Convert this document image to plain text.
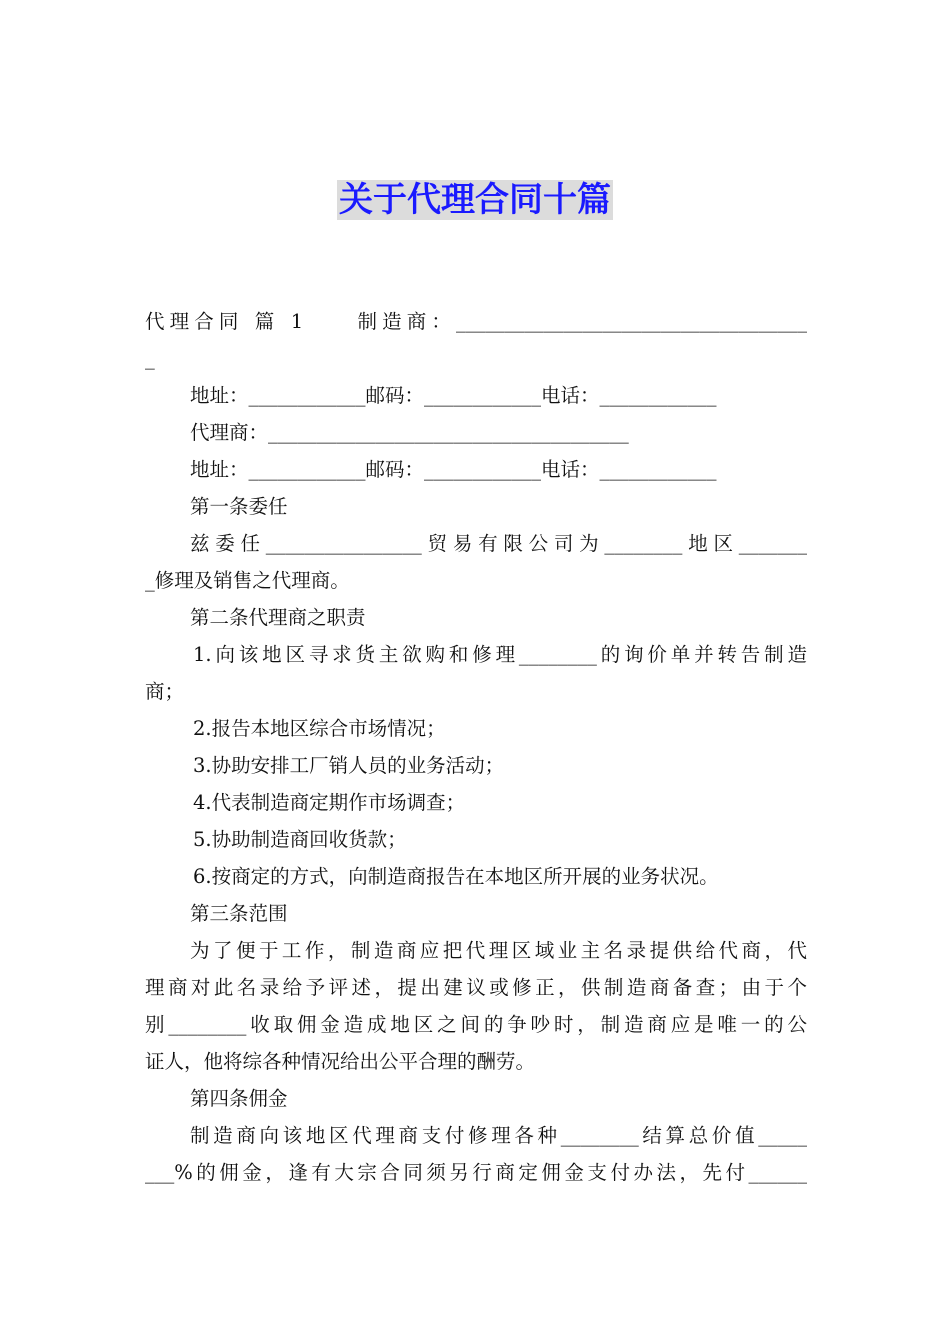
关于代理合同十篇
代理合同 篇 1　　制造商：____________________________________
_
地址：____________邮码：____________电话：____________
代理商：_____________________________________
地址：____________邮码：____________电话：____________
第一条委任
兹委任________________贸易有限公司为________地区_______
_修理及销售之代理商。
第二条代理商之职责
1.向该地区寻求货主欲购和修理________的询价单并转告制造
商；
2.报告本地区综合市场情况；
3.协助安排工厂销人员的业务活动；
4.代表制造商定期作市场调查；
5.协助制造商回收货款；
6.按商定的方式，向制造商报告在本地区所开展的业务状况。
第三条范围
为了便于工作，制造商应把代理区域业主名录提供给代商，代
理商对此名录给予评述，提出建议或修正，供制造商备查；由于个
别________收取佣金造成地区之间的争吵时，制造商应是唯一的公
证人，他将综各种情况给出公平合理的酬劳。
第四条佣金
制造商向该地区代理商支付修理各种________结算总价值_____
___%的佣金，逢有大宗合同须另行商定佣金支付办法，先付______
